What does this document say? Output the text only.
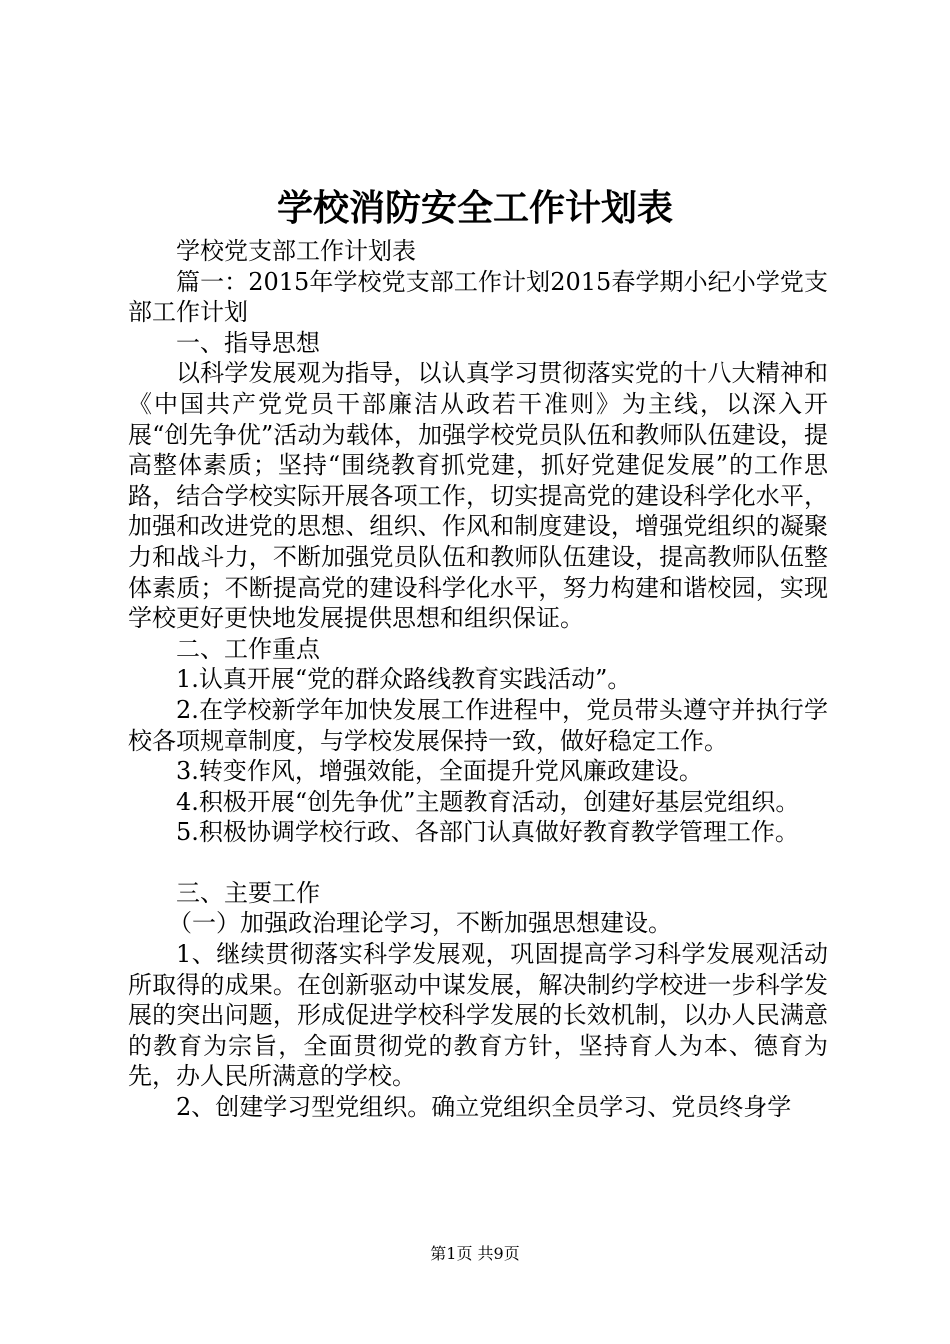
学校消防安全工作计划表

学校党支部工作计划表

篇一：2015年学校党支部工作计划2015春学期小纪小学党支部工作计划

一、指导思想

以科学发展观为指导，以认真学习贯彻落实党的十八大精神和《中国共产党党员干部廉洁从政若干准则》为主线，以深入开展“创先争优”活动为载体，加强学校党员队伍和教师队伍建设，提高整体素质；坚持“围绕教育抓党建，抓好党建促发展”的工作思路，结合学校实际开展各项工作，切实提高党的建设科学化水平，加强和改进党的思想、组织、作风和制度建设，增强党组织的凝聚力和战斗力，不断加强党员队伍和教师队伍建设，提高教师队伍整体素质；不断提高党的建设科学化水平，努力构建和谐校园，实现学校更好更快地发展提供思想和组织保证。

二、工作重点

1.认真开展“党的群众路线教育实践活动”。

2.在学校新学年加快发展工作进程中，党员带头遵守并执行学校各项规章制度，与学校发展保持一致，做好稳定工作。

3.转变作风，增强效能，全面提升党风廉政建设。

4.积极开展“创先争优”主题教育活动，创建好基层党组织。

5.积极协调学校行政、各部门认真做好教育教学管理工作。

三、主要工作

（一）加强政治理论学习，不断加强思想建设。

1、继续贯彻落实科学发展观，巩固提高学习科学发展观活动所取得的成果。在创新驱动中谋发展，解决制约学校进一步科学发展的突出问题，形成促进学校科学发展的长效机制，以办人民满意的教育为宗旨，全面贯彻党的教育方针，坚持育人为本、德育为先，办人民所满意的学校。

2、创建学习型党组织。确立党组织全员学习、党员终身学

第1页 共9页
